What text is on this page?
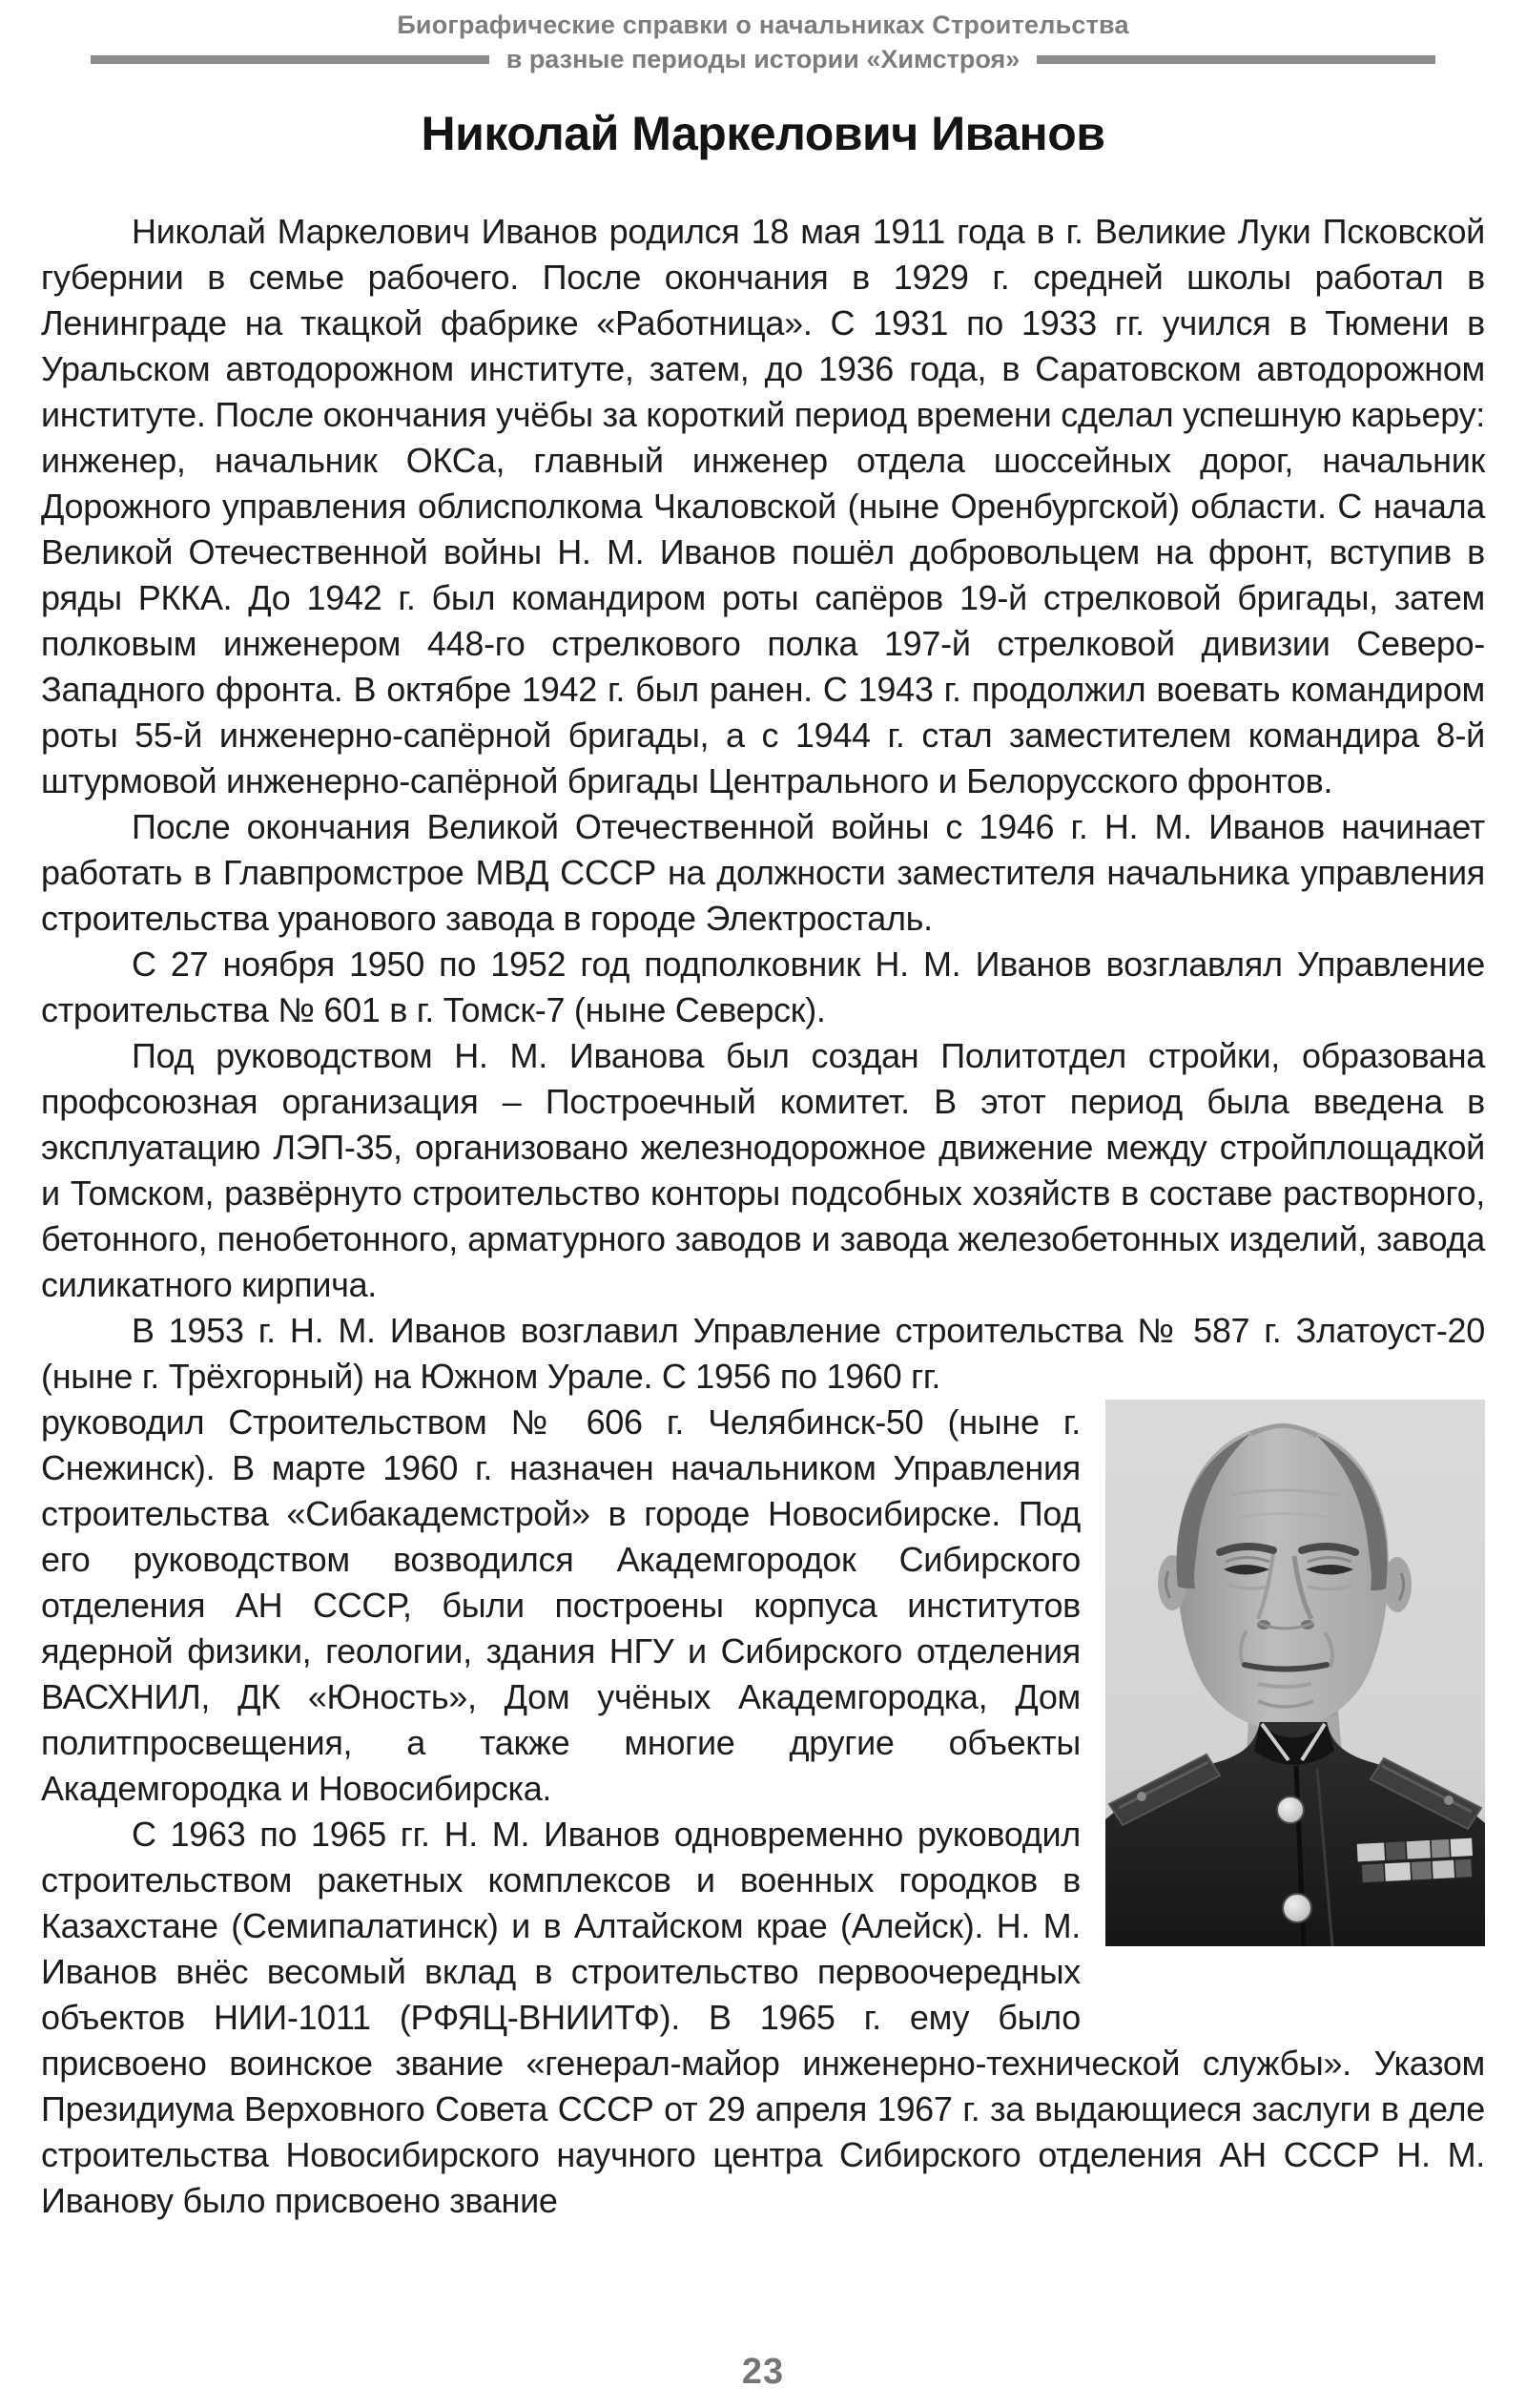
Биографические справки о начальниках Строительства
в разные периоды истории «Химстроя»
Николай Маркелович Иванов

Николай Маркелович Иванов родился 18 мая 1911 года в г. Великие Луки Псковской губернии в семье рабочего. После окончания в 1929 г. средней школы работал в Ленинграде на ткацкой фабрике «Работница». С 1931 по 1933 гг. учился в Тюмени в Уральском автодорожном институте, затем, до 1936 года, в Саратовском автодорожном институте. После окончания учёбы за короткий период времени сделал успешную карьеру: инженер, начальник ОКСа, главный инженер отдела шоссейных дорог, начальник Дорожного управления облисполкома Чкаловской (ныне Оренбургской) области. С начала Великой Отечественной войны Н. М. Иванов пошёл добровольцем на фронт, вступив в ряды РККА. До 1942 г. был командиром роты сапёров 19-й стрелковой бригады, затем полковым инженером 448-го стрелкового полка 197-й стрелковой дивизии Северо-Западного фронта. В октябре 1942 г. был ранен. С 1943 г. продолжил воевать командиром роты 55-й инженерно-сапёрной бригады, а с 1944 г. стал заместителем командира 8-й штурмовой инженерно-сапёрной бригады Центрального и Белорусского фронтов.

После окончания Великой Отечественной войны с 1946 г. Н. М. Иванов начинает работать в Главпромстрое МВД СССР на должности заместителя начальника управления строительства уранового завода в городе Электросталь.

С 27 ноября 1950 по 1952 год подполковник Н. М. Иванов возглавлял Управление строительства № 601 в г. Томск-7 (ныне Северск).

Под руководством Н. М. Иванова был создан Политотдел стройки, образована профсоюзная организация – Построечный комитет. В этот период была введена в эксплуатацию ЛЭП-35, организовано железнодорожное движение между стройплощадкой и Томском, развёрнуто строительство конторы подсобных хозяйств в составе растворного, бетонного, пенобетонного, арматурного заводов и завода железобетонных изделий, завода силикатного кирпича.

В 1953 г. Н. М. Иванов возглавил Управление строительства № 587 г. Златоуст-20 (ныне г. Трёхгорный) на Южном Урале. С 1956 по 1960 гг.

руководил Строительством № 606 г. Челябинск-50 (ныне г. Снежинск). В марте 1960 г. назначен начальником Управления строительства «Сибакадемстрой» в городе Новосибирске. Под его руководством возводился Академгородок Сибирского отделения АН СССР, были построены корпуса институтов ядерной физики, геологии, здания НГУ и Сибирского отделения ВАСХНИЛ, ДК «Юность», Дом учёных Академгородка, Дом политпросвещения, а также многие другие объекты Академгородка и Новосибирска.

С 1963 по 1965 гг. Н. М. Иванов одновременно руководил строительством ракетных комплексов и военных городков в Казахстане (Семипалатинск) и в Алтайском крае (Алейск). Н. М. Иванов внёс весомый вклад в строительство первоочередных объектов НИИ-1011 (РФЯЦ-ВНИИТФ). В 1965 г. ему было присвоено воинское звание «генерал-майор инженерно-технической службы». Указом Президиума Верховного Совета СССР от 29 апреля 1967 г. за выдающиеся заслуги в деле строительства Новосибирского научного центра Сибирского отделения АН СССР Н. М. Иванову было присвоено звание

23
